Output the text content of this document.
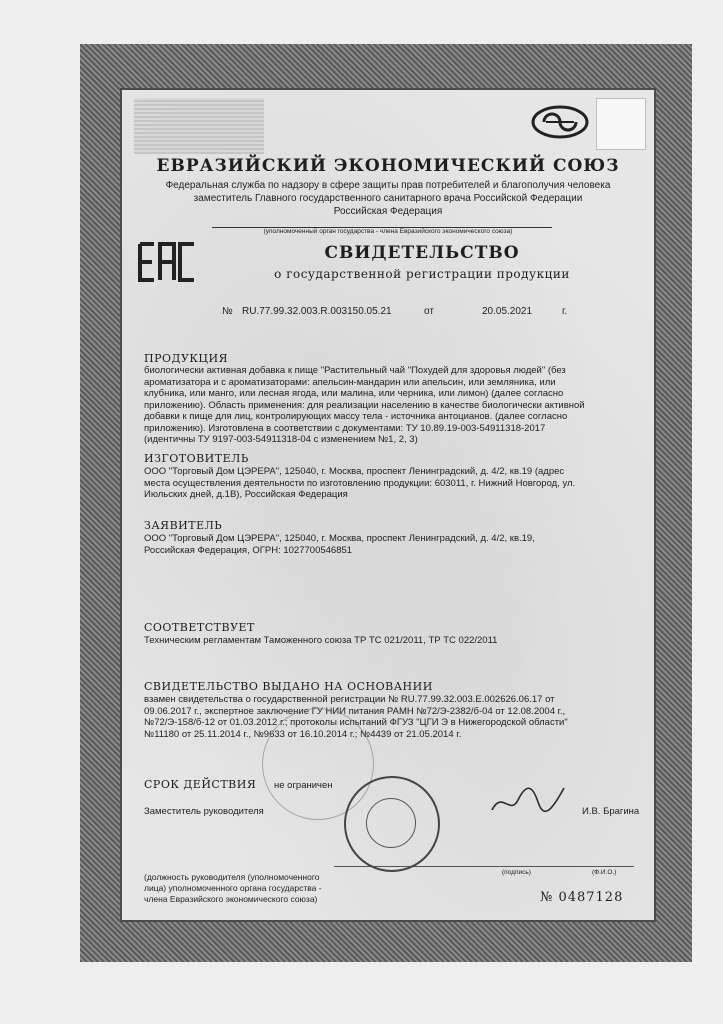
ЕВРАЗИЙСКИЙ ЭКОНОМИЧЕСКИЙ СОЮЗ
Федеральная служба по надзору в сфере защиты прав потребителей и благополучия человека
заместитель Главного государственного санитарного врача Российской Федерации
Российская Федерация
(уполномоченный орган государства - члена Евразийского экономического союза)
СВИДЕТЕЛЬСТВО
о государственной регистрации продукции
№ RU.77.99.32.003.R.003150.05.21	от	20.05.2021	г.
ПРОДУКЦИЯ
биологически активная добавка к пище "Растительный чай "Похудей для здоровья людей" (без
ароматизатора и с ароматизаторами: апельсин-мандарин или апельсин, или земляника, или
клубника, или манго, или лесная ягода, или малина, или черника, или лимон) (далее согласно
приложению). Область применения: для реализации населению в качестве биологически активной
добавки к пище для лиц, контролирующих массу тела - источника антоцианов. (далее согласно
приложению). Изготовлена в соответствии с документами: ТУ 10.89.19-003-54911318-2017
(идентичны ТУ 9197-003-54911318-04 с изменением №1, 2, 3)
ИЗГОТОВИТЕЛЬ
ООО "Торговый Дом ЦЭРЕРА", 125040, г. Москва, проспект Ленинградский, д. 4/2, кв.19 (адрес
места осуществления деятельности по изготовлению продукции: 603011, г. Нижний Новгород, ул.
Июльских дней, д.1В), Российская Федерация
ЗАЯВИТЕЛЬ
ООО "Торговый Дом ЦЭРЕРА", 125040, г. Москва, проспект Ленинградский, д. 4/2, кв.19,
Российская Федерация, ОГРН: 1027700546851
СООТВЕТСТВУЕТ
Техническим регламентам Таможенного союза ТР ТС 021/2011, ТР ТС 022/2011
СВИДЕТЕЛЬСТВО ВЫДАНО НА ОСНОВАНИИ
взамен свидетельства о государственной регистрации № RU.77.99.32.003.E.002626.06.17 от
09.06.2017 г., экспертное заключение ГУ НИИ питания РАМН №72/Э-2382/б-04 от 12.08.2004 г.,
№72/Э-158/б-12 от 01.03.2012 г.; протоколы испытаний ФГУЗ "ЦГИ Э в Нижегородской области"
№11180 от 25.11.2014 г., №9633 от 16.10.2014 г.; №4439 от 21.05.2014 г.
СРОК ДЕЙСТВИЯ не ограничен
Заместитель руководителя	И.В. Брагина
(подпись)	(Ф.И.О.)
(должность руководителя (уполномоченного
лица) уполномоченного органа государства -
члена Евразийского экономического союза)	№ 0487128
